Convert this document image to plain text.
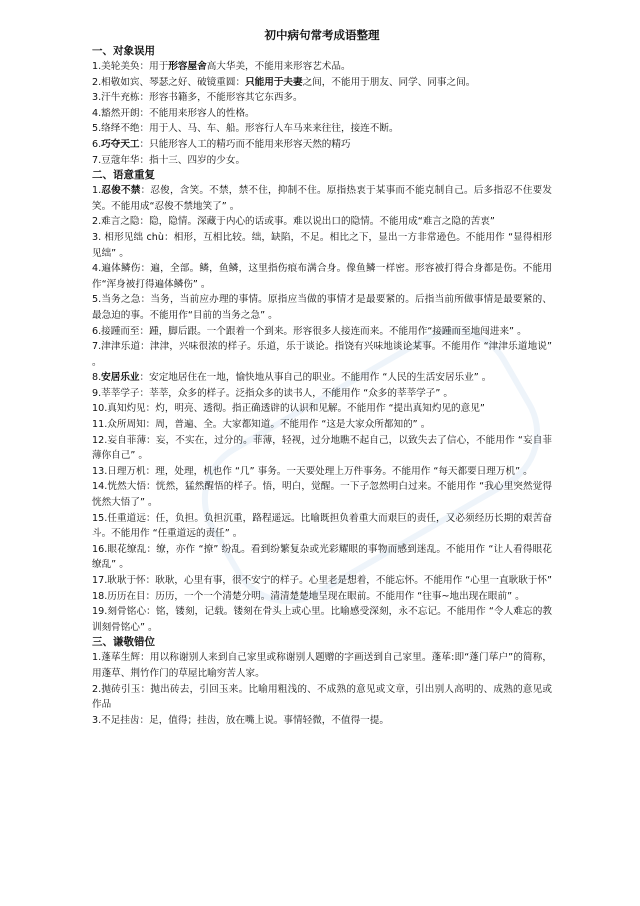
初中病句常考成语整理
一、对象误用
1.美轮美奂：用于形容屋舍高大华美，不能用来形容艺术品。
2.相敬如宾、琴瑟之好、破镜重圆：只能用于夫妻之间，不能用于朋友、同学、同事之间。
3.汗牛充栋：形容书籍多，不能形容其它东西多。
4.豁然开朗：不能用来形容人的性格。
5.络绎不绝：用于人、马、车、船。形容行人车马来来往往，接连不断。
6.巧夺天工：只能形容人工的精巧而不能用来形容天然的精巧
7.豆蔻年华：指十三、四岁的少女。
二、语意重复
1.忍俊不禁：忍俊，含笑。不禁，禁不住，抑制不住。原指热衷于某事而不能克制自己。后多指忍不住要发笑。不能用成“忍俊不禁地笑了” 。
2.难言之隐：隐，隐情。深藏于内心的话或事。难以说出口的隐情。不能用成“难言之隐的苦衷”
3. 相形见绌 chù：相形，互相比较。绌，缺陷，不足。相比之下，显出一方非常逊色。不能用作 “显得相形见绌” 。
4.遍体鳞伤：遍，全部。鳞，鱼鳞，这里指伤痕布满合身。像鱼鳞一样密。形容被打得合身都是伤。不能用作“浑身被打得遍体鳞伤” 。
5.当务之急：当务，当前应办理的事情。原指应当做的事情才是最要紧的。后指当前所做事情是最要紧的、最急迫的事。不能用作“目前的当务之急” 。
6.接踵而至：踵，脚后跟。一个跟着一个到来。形容很多人接连而来。不能用作“接踵而至地闯进来” 。
7.津津乐道：津津，兴味很浓的样子。乐道，乐于谈论。指饶有兴味地谈论某事。不能用作 “津津乐道地说” 。
8.安居乐业：安定地居住在一地，愉快地从事自己的职业。不能用作 “人民的生活安居乐业” 。
9.莘莘学子：莘莘，众多的样子。泛指众多的读书人，不能用作 “众多的莘莘学子” 。
10.真知灼见：灼，明亮、透彻。指正确透辟的认识和见解。不能用作 “提出真知灼见的意见”
11.众所周知：周，普遍、全。大家都知道。不能用作 “这是大家众所都知的” 。
12.妄自菲薄：妄，不实在，过分的。菲薄，轻视，过分地瞧不起自己，以致失去了信心，不能用作 “妄自菲薄你自己” 。
13.日理万机：理，处理，机也作 “几” 事务。一天要处理上万件事务。不能用作 “每天都要日理万机” 。
14.恍然大悟：恍然，猛然醒悟的样子。悟，明白，觉醒。一下子忽然明白过来。不能用作 “我心里突然觉得恍然大悟了” 。
15.任重道远：任，负担。负担沉重，路程遥远。比喻既担负着重大而艰巨的责任，又必须经历长期的艰苦奋斗。不能用作 “任重道远的责任” 。
16.眼花缭乱：缭，亦作 “撩” 纷乱。看到纷繁复杂或光彩耀眼的事物而感到迷乱。不能用作 “让人看得眼花缭乱” 。
17.耿耿于怀：耿耿，心里有事，很不安宁的样子。心里老是想着，不能忘怀。不能用作 “心里一直耿耿于怀”
18.历历在目：历历，一个一个清楚分明。清清楚楚地呈现在眼前。不能用作 “往事~地出现在眼前” 。
19.刻骨铭心：铭，镂刻，记载。镂刻在骨头上或心里。比喻感受深刻，永不忘记。不能用作 “令人难忘的教训刻骨铭心” 。
三、谦敬错位
1.蓬荜生辉：用以称谢别人来到自己家里或称谢别人题赠的字画送到自己家里。蓬荜:即“蓬门荜户”的简称，用蓬草、荆竹作门的草屋比喻穷苦人家。
2.抛砖引玉：抛出砖去，引回玉来。比喻用粗浅的、不成熟的意见或文章，引出别人高明的、成熟的意见或作品
3.不足挂齿：足，值得；挂齿，放在嘴上说。事情轻微，不值得一提。
